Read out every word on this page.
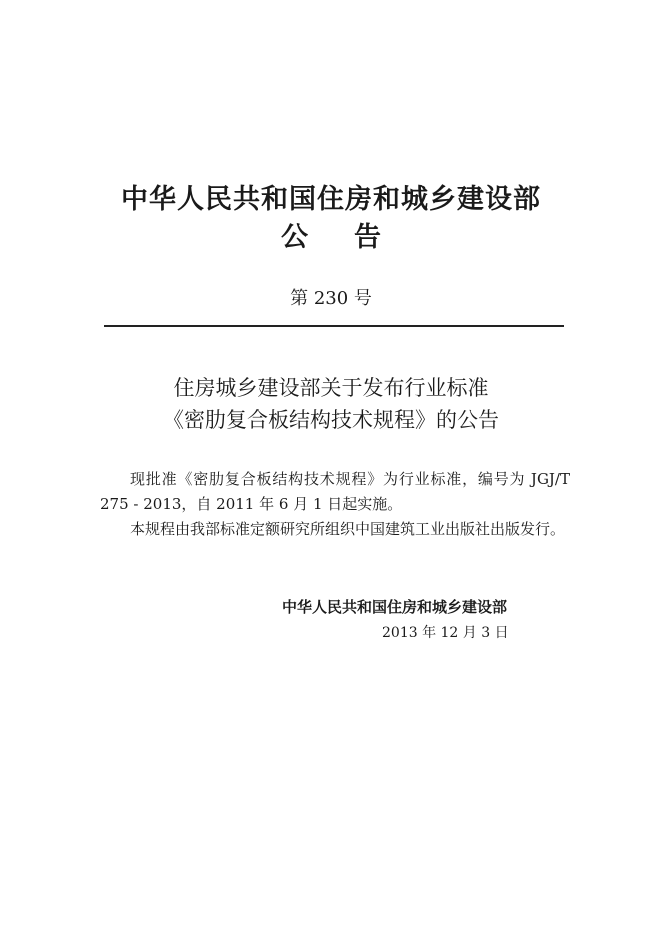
中华人民共和国住房和城乡建设部
公告
第 230 号
住房城乡建设部关于发布行业标准
《密肋复合板结构技术规程》的公告

现批准《密肋复合板结构技术规程》为行业标准，编号为 JGJ/T 275 - 2013，自 2011 年 6 月 1 日起实施。

本规程由我部标准定额研究所组织中国建筑工业出版社出版发行。

中华人民共和国住房和城乡建设部
2013 年 12 月 3 日
